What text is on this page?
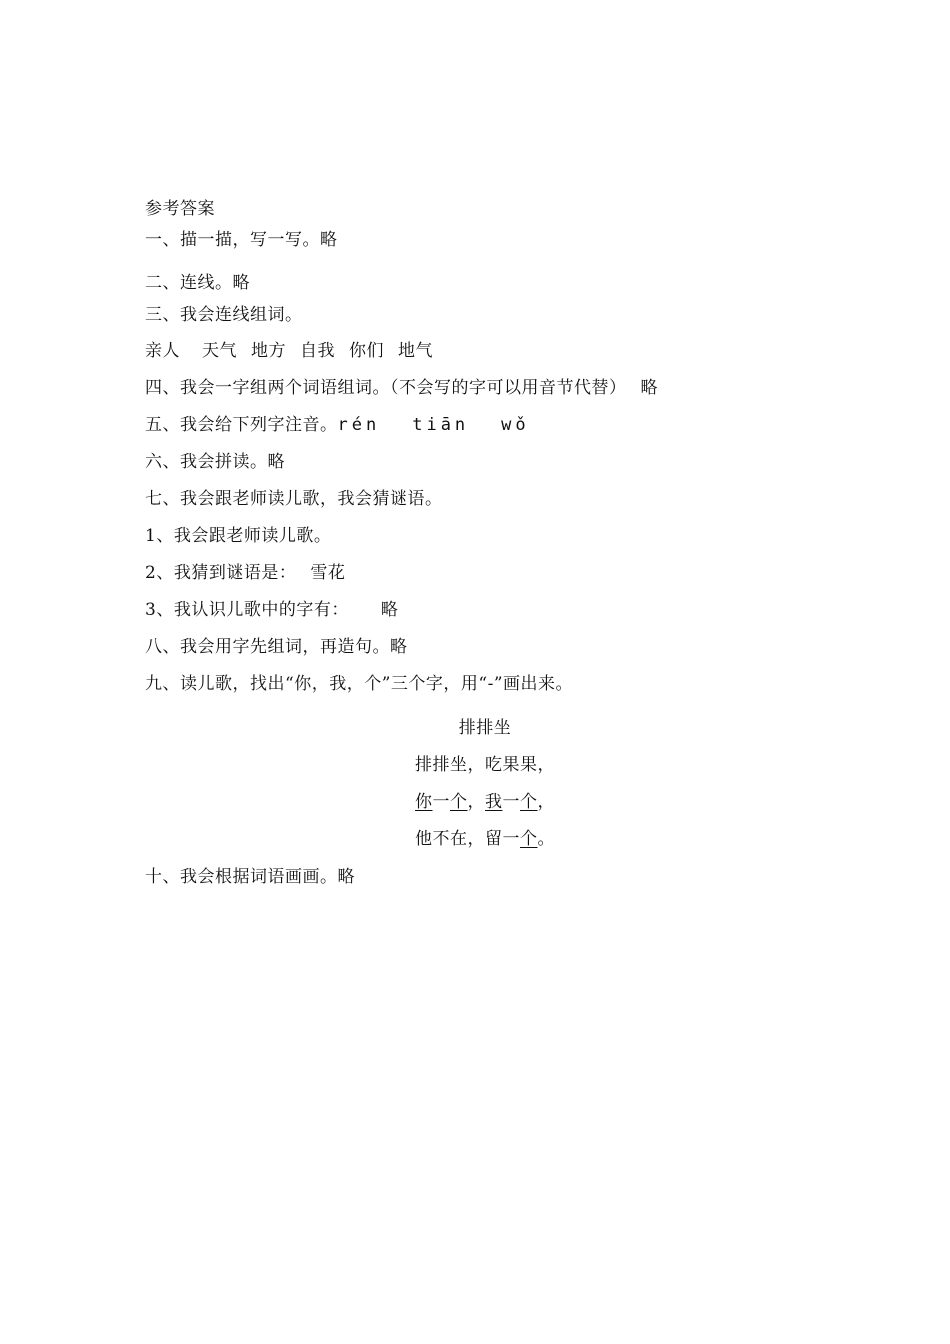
参考答案
一、描一描，写一写。略
二、连线。略
三、我会连线组词。
亲人 天气 地方 自我 你们 地气
四、我会一字组两个词语组词。（不会写的字可以用音节代替） 略
五、我会给下列字注音。rén tiān wǒ
六、我会拼读。略
七、我会跟老师读儿歌，我会猜谜语。
1、我会跟老师读儿歌。
2、我猜到谜语是： 雪花
3、我认识儿歌中的字有： 略
八、我会用字先组词，再造句。略
九、读儿歌，找出“你，我，个”三个字，用“-”画出来。
排排坐
排排坐，吃果果，
你一个，我一个，
他不在，留一个。
十、我会根据词语画画。略
